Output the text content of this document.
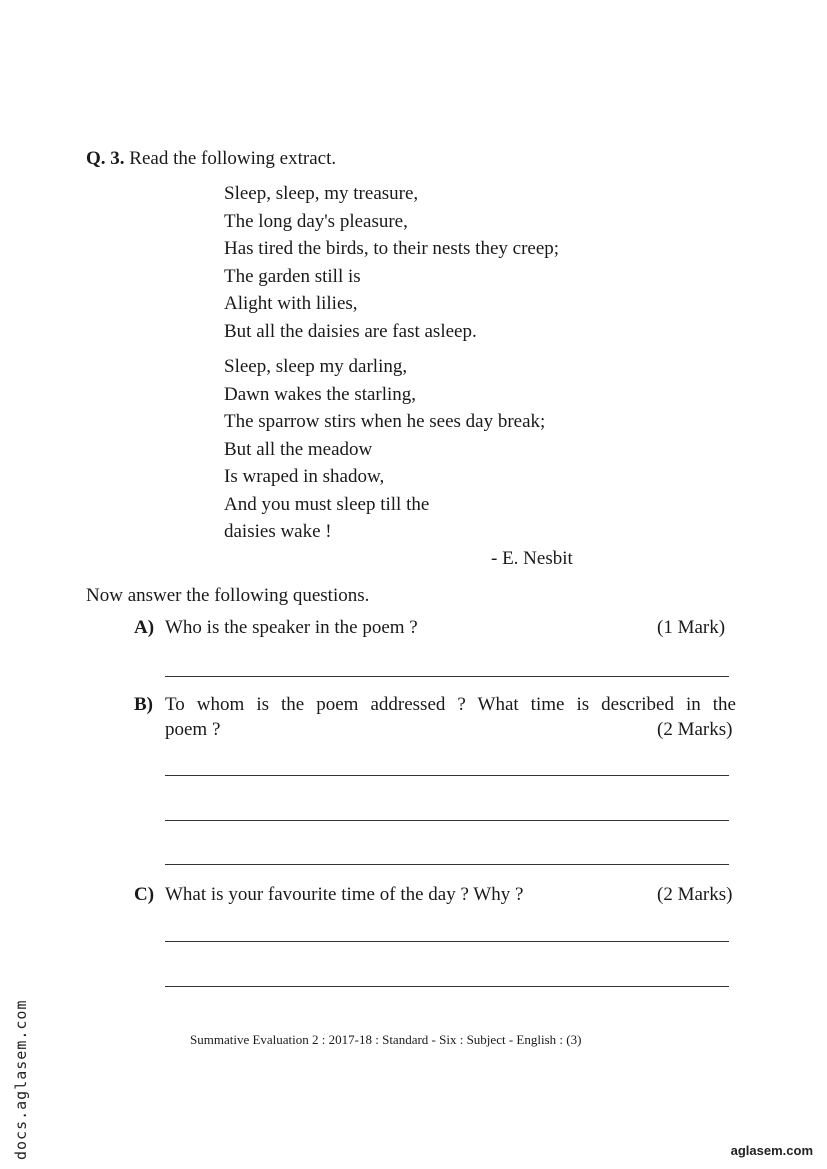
Q. 3. Read the following extract.
Sleep, sleep, my treasure,
The long day's pleasure,
Has tired the birds, to their nests they creep;
The garden still is
Alight with lilies,
But all the daisies are fast asleep.
Sleep, sleep my darling,
Dawn wakes the starling,
The sparrow stirs when he sees day break;
But all the meadow
Is wraped in shadow,
And you must sleep till the
daisies wake !
- E. Nesbit
Now answer the following questions.
A) Who is the speaker in the poem ?	(1 Mark)
B) To whom is the poem addressed ? What time is described in the
poem ?	(2 Marks)
C) What is your favourite time of the day ? Why ?	(2 Marks)
Summative Evaluation 2 : 2017-18 : Standard - Six : Subject - English : (3)
docs.aglasem.com	aglasem.com
